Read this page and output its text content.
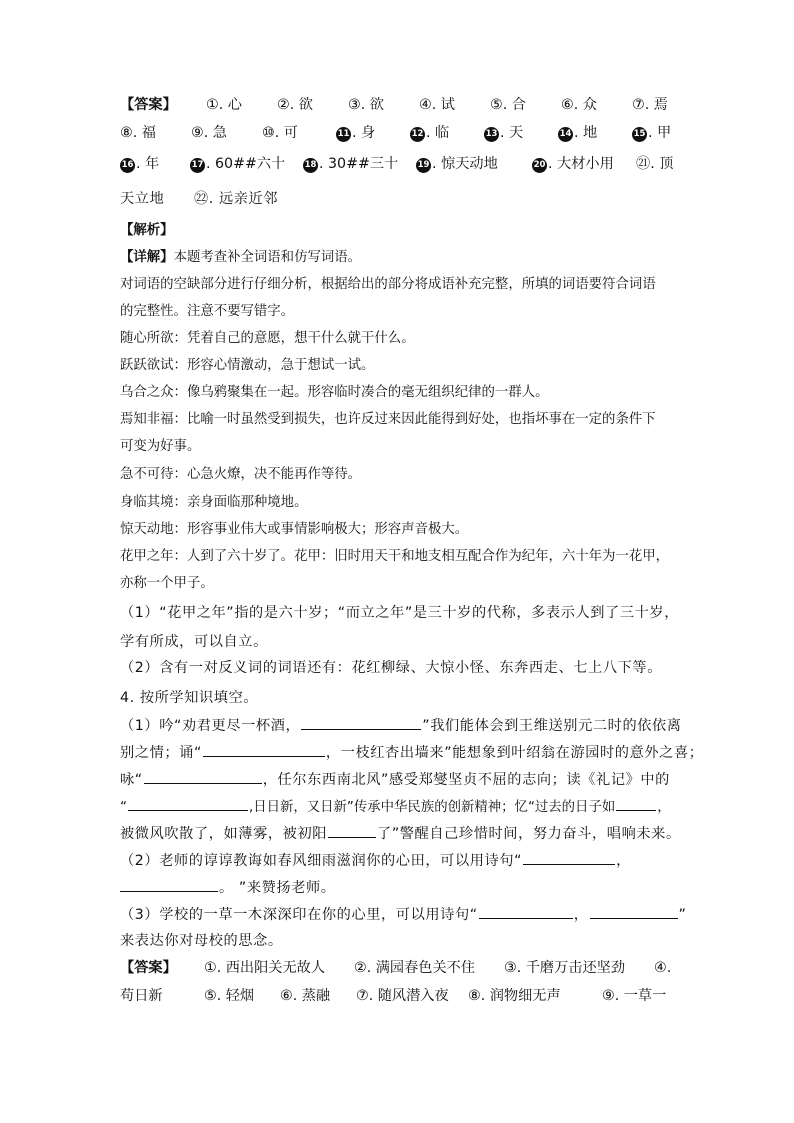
【答案】 ①. 心 ②. 欲 ③. 欲 ④. 试 ⑤. 合 ⑥. 众 ⑦. 焉
⑧. 福 ⑨. 急 ⑩. 可	11 . 身	12 . 临	13 . 天	14 . 地	15 . 甲
16 . 年	17 . 60##六十 18 . 30##三十 19 . 惊天动地	20 . 大材小用 ㉑. 顶
天立地　　㉒. 远亲近邻
【解析】
【详解】本题考查补全词语和仿写词语。
对词语的空缺部分进行仔细分析，根据给出的部分将成语补充完整，所填的词语要符合词语
的完整性。注意不要写错字。
随心所欲：凭着自己的意愿，想干什么就干什么。
跃跃欲试：形容心情激动，急于想试一试。
乌合之众：像乌鸦聚集在一起。形容临时凑合的毫无组织纪律的一群人。
焉知非福：比喻一时虽然受到损失，也许反过来因此能得到好处，也指坏事在一定的条件下
可变为好事。
急不可待：心急火燎，决不能再作等待。
身临其境：亲身面临那种境地。
惊天动地：形容事业伟大或事情影响极大；形容声音极大。
花甲之年：人到了六十岁了。花甲：旧时用天干和地支相互配合作为纪年，六十年为一花甲，
亦称一个甲子。
（1）“花甲之年”指的是六十岁；“而立之年”是三十岁的代称，多表示人到了三十岁，
学有所成，可以自立。
（2）含有一对反义词的词语还有：花红柳绿、大惊小怪、东奔西走、七上八下等。
4. 按所学知识填空。
（1）吟“劝君更尽一杯酒，	”我们能体会到王维送别元二时的依依离
别之情；诵“	，一枝红杏出墙来”能想象到叶绍翁在游园时的意外之喜；
咏“	，任尔东西南北风”感受郑燮坚贞不屈的志向；读《礼记》中的
“	,日日新，又日新”传承中华民族的创新精神；忆“过去的日子如	，
被微风吹散了，如薄雾，被初阳	了”警醒自己珍惜时间，努力奋斗，唱响未来。
（2）老师的谆谆教诲如春风细雨滋润你的心田，可以用诗句“	，
。 ”来赞扬老师。
（3）学校的一草一木深深印在你的心里，可以用诗句“	，	”
来表达你对母校的思念。
【答案】 ①. 西出阳关无故人 ②. 满园春色关不住 ③. 千磨万击还坚劲 ④.
苟日新	⑤. 轻烟 ⑥. 蒸融 ⑦. 随风潜入夜 ⑧. 润物细无声	⑨. 一草一
